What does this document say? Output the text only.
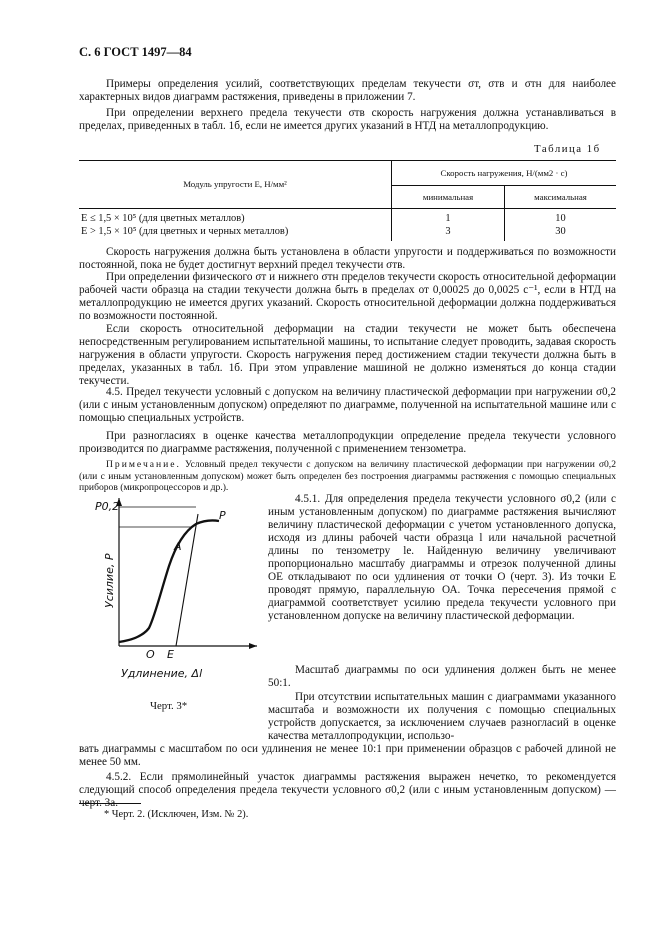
С. 6 ГОСТ 1497—84
Примеры определения усилий, соответствующих пределам текучести σт, σтв и σтн для наиболее характерных видов диаграмм растяжения, приведены в приложении 7.
При определении верхнего предела текучести σтв скорость нагружения должна устанавливаться в пределах, приведенных в табл. 1б, если не имеется других указаний в НТД на металлопродукцию.
Таблица 1б
Модуль упругости E, Н/мм²	Скорость нагружения, Н/(мм2 · с)	
	минимальная	максимальная
E ≤ 1,5 × 10⁵ (для цветных металлов)	1	10
E > 1,5 × 10⁵ (для цветных и черных металлов)	3	30
Скорость нагружения должна быть установлена в области упругости и поддерживаться по возможности постоянной, пока не будет достигнут верхний предел текучести σтв.
При определении физического σт и нижнего σтн пределов текучести скорость относительной деформации рабочей части образца на стадии текучести должна быть в пределах от 0,00025 до 0,0025 с⁻¹, если в НТД на металлопродукцию не имеется других указаний. Скорость относительной деформации должна поддерживаться по возможности постоянной.
Если скорость относительной деформации на стадии текучести не может быть обеспечена непосредственным регулированием испытательной машины, то испытание следует проводить, задавая скорость нагружения в области упругости. Скорость нагружения перед достижением стадии текучести должна быть в пределах, указанных в табл. 1б. При этом управление машиной не должно изменяться до конца стадии текучести.
4.5. Предел текучести условный с допуском на величину пластической деформации при нагружении σ0,2 (или с иным установленным допуском) определяют по диаграмме, полученной на испытательной машине или с помощью специальных устройств.
При разногласиях в оценке качества металлопродукции определение предела текучести условного производится по диаграмме растяжения, полученной с применением тензометра.
Примечание. Условный предел текучести с допуском на величину пластической деформации при нагружении σ0,2 (или с иным установленным допуском) может быть определен без построения диаграммы растяжения с помощью специальных приборов (микропроцессоров и др.).
P0,2
A
P
O E
Удлинение, Δl
Усилие, P
Черт. 3*
4.5.1. Для определения предела текучести условного σ0,2 (или с иным установленным допуском) по диаграмме растяжения вычисляют величину пластической деформации с учетом установленного допуска, исходя из длины рабочей части образца l или начальной расчетной длины по тензометру lе. Найденную величину увеличивают пропорционально масштабу диаграммы и отрезок полученной длины ОЕ откладывают по оси удлинения от точки О (черт. 3). Из точки Е проводят прямую, параллельную ОА. Точка пересечения прямой с диаграммой соответствует усилию предела текучести условного при установленном допуске на величину пластической деформации.
Масштаб диаграммы по оси удлинения должен быть не менее 50:1.
При отсутствии испытательных машин с диаграммами указанного масштаба и возможности их получения с помощью специальных устройств допускается, за исключением случаев разногласий в оценке качества металлопродукции, использо-
вать диаграммы с масштабом по оси удлинения не менее 10:1 при применении образцов с рабочей длиной не менее 50 мм.
4.5.2. Если прямолинейный участок диаграммы растяжения выражен нечетко, то рекомендуется следующий способ определения предела текучести условного σ0,2 (или с иным установленным допуском) — черт. 3а.
* Черт. 2. (Исключен, Изм. № 2).
